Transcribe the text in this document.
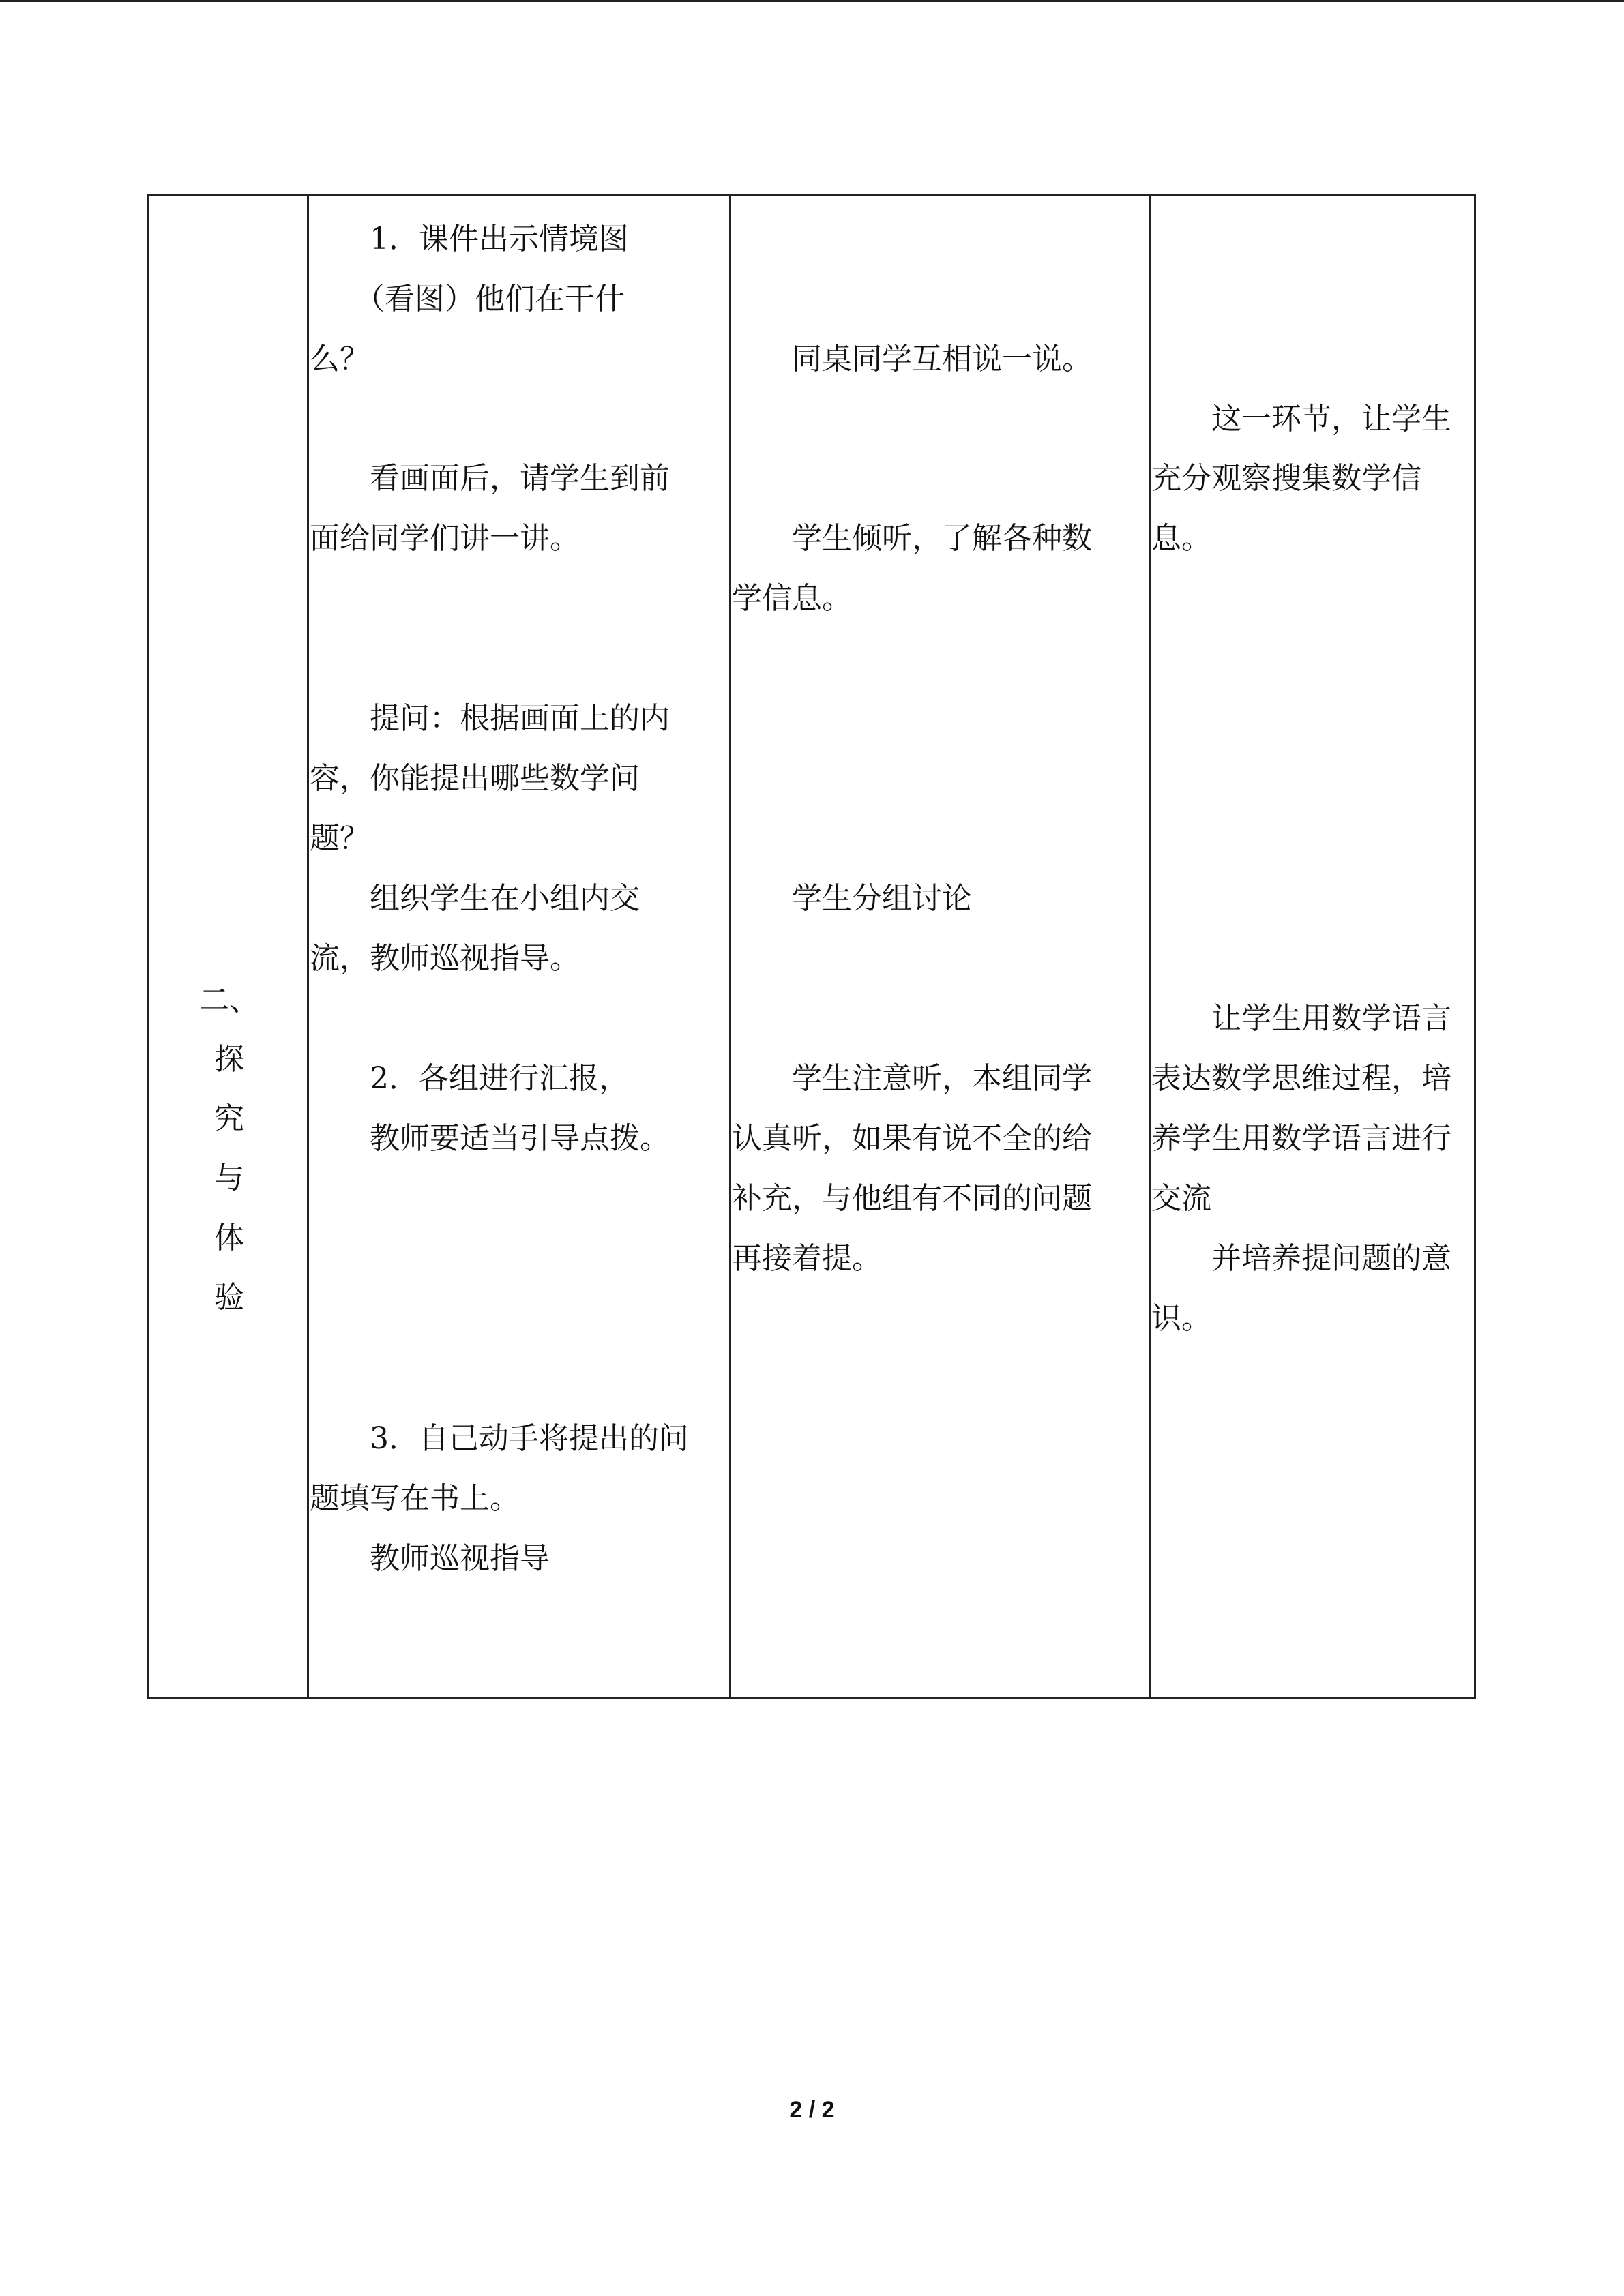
二、
探
究
与
体
验
　　1．课件出示情境图
　　（看图）他们在干什
么？
　　看画面后，请学生到前
面给同学们讲一讲。
　　提问：根据画面上的内
容，你能提出哪些数学问
题？
　　组织学生在小组内交
流，教师巡视指导。
　　2．各组进行汇报，
　　教师要适当引导点拨。
　　3．自己动手将提出的问
题填写在书上。
　　教师巡视指导
　　同桌同学互相说一说。
　　学生倾听，了解各种数
学信息。
　　学生分组讨论
　　学生注意听，本组同学
认真听，如果有说不全的给
补充，与他组有不同的问题
再接着提。
　　这一环节，让学生
充分观察搜集数学信
息。
　　让学生用数学语言
表达数学思维过程，培
养学生用数学语言进行
交流
　　并培养提问题的意
识。
2 / 2
